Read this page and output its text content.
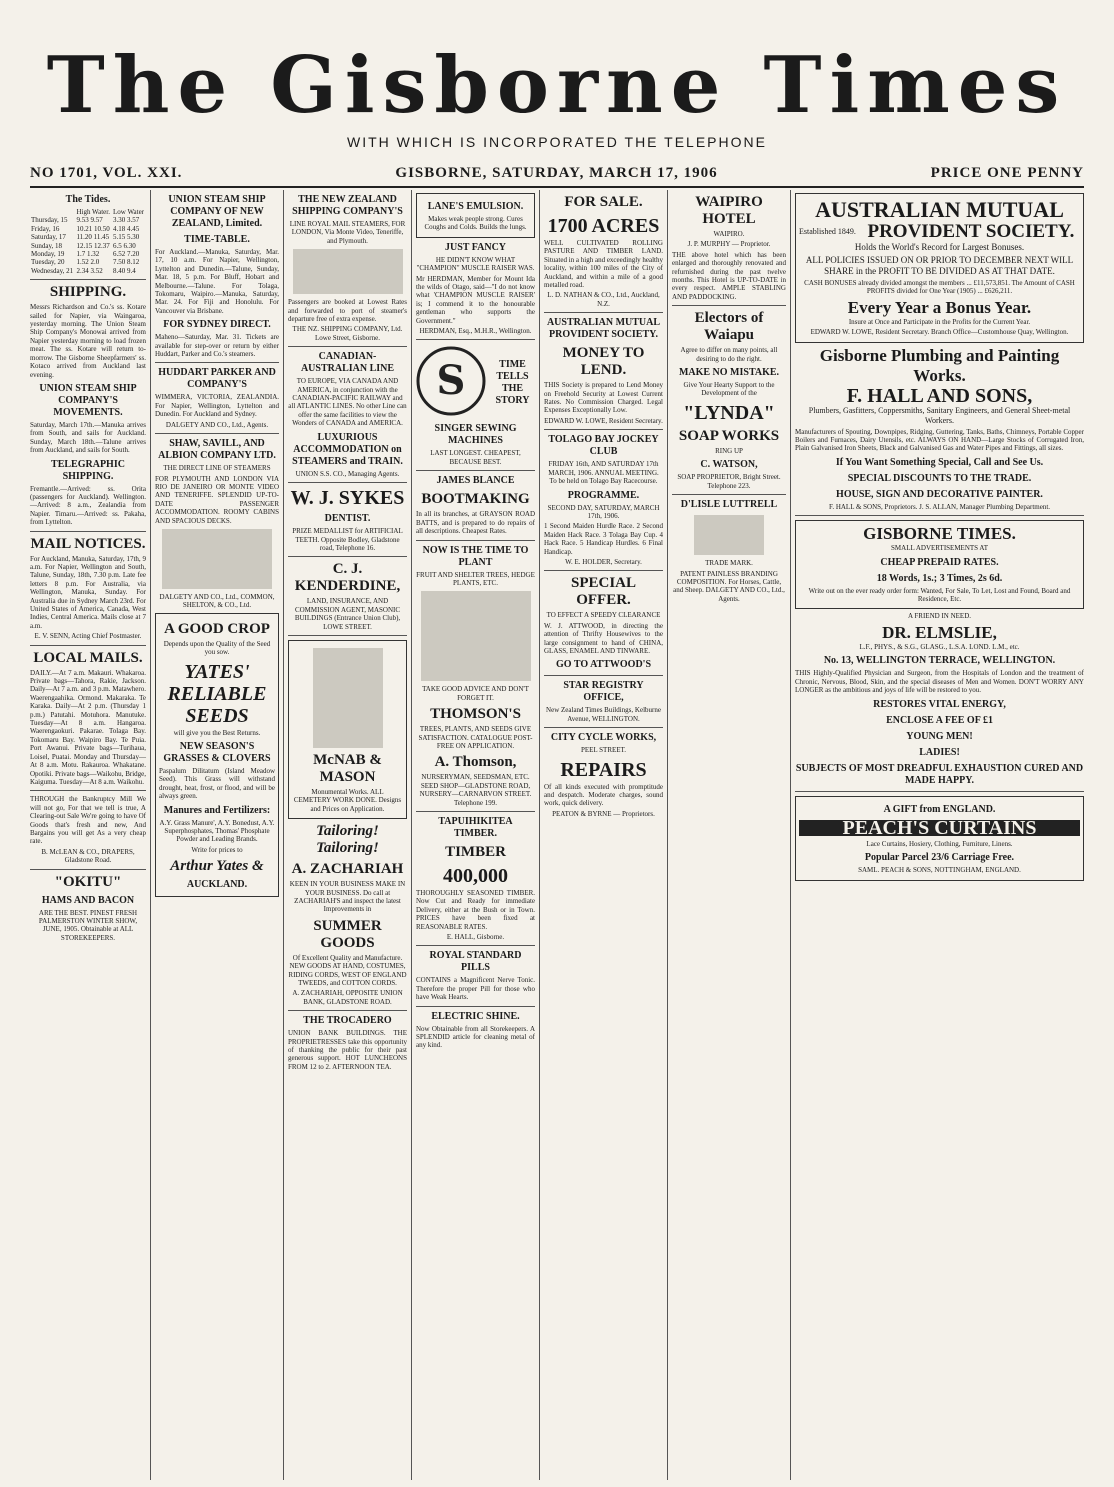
The Gisborne Times
WITH WHICH IS INCORPORATED THE TELEPHONE
NO 1701, VOL. XXI.	GISBORNE, SATURDAY, MARCH 17, 1906	PRICE ONE PENNY
The Tides.
	High Water.	Low Water
Thursday, 15	9.53 9.57	3.30 3.57
Friday, 16	10.21 10.50	4.18 4.45
Saturday, 17	11.20 11.45	5.15 5.30
Sunday, 18	12.15 12.37	6.5 6.30
Monday, 19	1.7 1.32	6.52 7.20
Tuesday, 20	1.52 2.0	7.50 8.12
Wednesday, 21	2.34 3.52	8.40 9.4
SHIPPING.

Messrs Richardson and Co.'s ss. Kotare sailed for Napier, via Waingaroa, yesterday morning. The Union Steam Ship Company's Monowai arrived from Napier yesterday morning to load frozen meat. The ss. Kotare will return to-morrow. The Gisborne Sheepfarmers' ss. Kotaco arrived from Auckland last evening.

UNION STEAM SHIP COMPANY'S MOVEMENTS.

Saturday, March 17th.—Manuka arrives from South, and sails for Auckland. Sunday, March 18th.—Talune arrives from Auckland, and sails for South.

TELEGRAPHIC SHIPPING.

Fremantle.—Arrived: ss. Orita (passengers for Auckland). Wellington.—Arrived: 8 a.m., Zealandia from Napier. Timaru.—Arrived: ss. Pakaha, from Lyttelton.

MAIL NOTICES.

For Auckland, Manuka, Saturday, 17th, 9 a.m. For Napier, Wellington and South, Talune, Sunday, 18th, 7.30 p.m. Late fee letters 8 p.m. For Australia, via Wellington, Manuka, Sunday. For Australia due in Sydney March 23rd. For United States of America, Canada, West Indies, Central America. Mails close at 7 a.m.

E. V. SENN, Acting Chief Postmaster.

LOCAL MAILS.

DAILY.—At 7 a.m. Makauri. Whakaroa. Private bags—Tahora, Rakie, Jackson. Daily—At 7 a.m. and 3 p.m. Matawhero. Waerengaahika. Ormond. Makaraka. Te Karaka. Daily—At 2 p.m. (Thursday 1 p.m.) Patutahi. Motuhora. Manutuke. Tuesday—At 8 a.m. Hangaroa. Waerengaokuri. Pakarae. Tolaga Bay. Tokomaru Bay. Waipiro Bay. Te Puia. Port Awanui. Private bags—Turihaua, Loisel, Puatai. Monday and Thursday—At 8 a.m. Motu. Rakauroa. Whakatane. Opotiki. Private bags—Waikohu, Bridge, Kaiguma. Tuesday—At 8 a.m. Waikohu.

THROUGH the Bankruptcy Mill We will not go, For that we tell is true, A Clearing-out Sale We're going to have Of Goods that's fresh and new, And Bargains you will get As a very cheap rate.

B. McLEAN & CO., DRAPERS, Gladstone Road.

"OKITU"
HAMS AND BACON

ARE THE BEST. PINEST FRESH PALMERSTON WINTER SHOW, JUNE, 1905. Obtainable at ALL STOREKEEPERS.

UNION STEAM SHIP COMPANY OF NEW ZEALAND, Limited.
TIME-TABLE.

For Auckland.—Manuka, Saturday, Mar. 17, 10 a.m. For Napier, Wellington, Lyttelton and Dunedin.—Talune, Sunday, Mar. 18, 5 p.m. For Bluff, Hobart and Melbourne.—Talune. For Tolaga, Tokomaru, Waipiro.—Manuka, Saturday, Mar. 24. For Fiji and Honolulu. For Vancouver via Brisbane.

FOR SYDNEY DIRECT.

Maheno—Saturday, Mar. 31. Tickets are available for step-over or return by either Huddart, Parker and Co.'s steamers.

HUDDART PARKER AND COMPANY'S

WIMMERA, VICTORIA, ZEALANDIA. For Napier, Wellington, Lyttelton and Dunedin. For Auckland and Sydney.

DALGETY AND CO., Ltd., Agents.

SHAW, SAVILL, AND ALBION COMPANY LTD.
THE DIRECT LINE OF STEAMERS

FOR PLYMOUTH AND LONDON VIA RIO DE JANEIRO OR MONTE VIDEO AND TENERIFFE. SPLENDID UP-TO-DATE PASSENGER ACCOMMODATION. ROOMY CABINS AND SPACIOUS DECKS.

DALGETY AND CO., Ltd., COMMON, SHELTON, & CO., Ltd.

A GOOD CROP

Depends upon the Quality of the Seed you sow.

YATES' RELIABLE SEEDS

will give you the Best Returns.

NEW SEASON'S GRASSES & CLOVERS

Paspalum Dilitatum (Island Meadow Seed). This Grass will withstand drought, heat, frost, or flood, and will be always green.

Manures and Fertilizers:

A.Y. Grass Manure', A.Y. Bonedust, A.Y. Superphosphates, Thomas' Phosphate Powder and Leading Brands.

Write for prices to

Arthur Yates &
AUCKLAND.
THE NEW ZEALAND SHIPPING COMPANY'S

LINE ROYAL MAIL STEAMERS, FOR LONDON, Via Monte Video, Teneriffe, and Plymouth.

Passengers are booked at Lowest Rates and forwarded to port of steamer's departure free of extra expense.

THE NZ. SHIPPING COMPANY, Ltd. Lowe Street, Gisborne.

CANADIAN-AUSTRALIAN LINE

TO EUROPE, VIA CANADA AND AMERICA, in conjunction with the CANADIAN-PACIFIC RAILWAY and all ATLANTIC LINES. No other Line can offer the same facilities to view the Wonders of CANADA and AMERICA.

LUXURIOUS ACCOMMODATION on STEAMERS and TRAIN.

UNION S.S. CO., Managing Agents.

W. J. SYKES
DENTIST.

PRIZE MEDALLIST for ARTIFICIAL TEETH. Opposite Bodley, Gladstone road, Telephone 16.

C. J. KENDERDINE,

LAND, INSURANCE, AND COMMISSION AGENT, MASONIC BUILDINGS (Entrance Union Club), LOWE STREET.

McNAB & MASON

Monumental Works. ALL CEMETERY WORK DONE. Designs and Prices on Application.

Tailoring! Tailoring!
A. ZACHARIAH

KEEN IN YOUR BUSINESS MAKE IN YOUR BUSINESS. Do call at ZACHARIAH'S and inspect the latest Improvements in

SUMMER GOODS

Of Excellent Quality and Manufacture. NEW GOODS AT HAND, COSTUMES, RIDING CORDS, WEST OF ENGLAND TWEEDS, and COTTON CORDS.

A. ZACHARIAH, OPPOSITE UNION BANK, GLADSTONE ROAD.

THE TROCADERO

UNION BANK BUILDINGS. THE PROPRIETRESSES take this opportunity of thanking the public for their past generous support. HOT LUNCHEONS FROM 12 to 2. AFTERNOON TEA.

LANE'S EMULSION.

Makes weak people strong. Cures Coughs and Colds. Builds the lungs.

JUST FANCY
HE DIDN'T KNOW WHAT "CHAMPION" MUSCLE RAISER WAS.

Mr HERDMAN, Member for Mount Ida the wilds of Otago, said—"I do not know what 'CHAMPION MUSCLE RAISER' is; I commend it to the honourable gentleman who supports the Government."

HERDMAN, Esq., M.H.R., Wellington.

S	TIME TELLS THE STORY
SINGER SEWING MACHINES

LAST LONGEST. CHEAPEST, BECAUSE BEST.

JAMES BLANCE
BOOTMAKING

In all its branches, at GRAYSON ROAD BATTS, and is prepared to do repairs of all descriptions. Cheapest Rates.

NOW IS THE TIME TO PLANT

FRUIT AND SHELTER TREES, HEDGE PLANTS, ETC.

TAKE GOOD ADVICE AND DON'T FORGET IT.
THOMSON'S

TREES, PLANTS, AND SEEDS GIVE SATISFACTION. CATALOGUE POST-FREE ON APPLICATION.

A. Thomson,

NURSERYMAN, SEEDSMAN, ETC. SEED SHOP—GLADSTONE ROAD, NURSERY—CARNARVON STREET. Telephone 199.

TAPUIHIKITEA TIMBER.
TIMBER
400,000

THOROUGHLY SEASONED TIMBER. Now Cut and Ready for immediate Delivery, either at the Bush or in Town. PRICES have been fixed at REASONABLE RATES.

E. HALL, Gisborne.

ROYAL STANDARD PILLS

CONTAINS a Magnificent Nerve Tonic. Therefore the proper Pill for those who have Weak Hearts.

ELECTRIC SHINE.

Now Obtainable from all Storekeepers. A SPLENDID article for cleaning metal of any kind.

FOR SALE.
1700 ACRES

WELL CULTIVATED ROLLING PASTURE AND TIMBER LAND. Situated in a high and exceedingly healthy locality, within 100 miles of the City of Auckland, and within a mile of a good metalled road.

L. D. NATHAN & CO., Ltd., Auckland, N.Z.

AUSTRALIAN MUTUAL PROVIDENT SOCIETY.
MONEY TO LEND.

THIS Society is prepared to Lend Money on Freehold Security at Lowest Current Rates. No Commission Charged. Legal Expenses Exceptionally Low.

EDWARD W. LOWE, Resident Secretary.

TOLAGO BAY JOCKEY CLUB

FRIDAY 16th, AND SATURDAY 17th MARCH, 1906. ANNUAL MEETING. To be held on Tolago Bay Racecourse.

PROGRAMME.
SECOND DAY, SATURDAY, MARCH 17th, 1906.

1 Second Maiden Hurdle Race. 2 Second Maiden Hack Race. 3 Tolaga Bay Cup. 4 Hack Race. 5 Handicap Hurdles. 6 Final Handicap.

W. E. HOLDER, Secretary.

SPECIAL OFFER.
TO EFFECT A SPEEDY CLEARANCE

W. J. ATTWOOD, in directing the attention of Thrifty Housewives to the large consignment to hand of CHINA, GLASS, ENAMEL AND TINWARE.

GO TO ATTWOOD'S
STAR REGISTRY OFFICE,

New Zealand Times Buildings, Kelburne Avenue, WELLINGTON.

CITY CYCLE WORKS,
PEEL STREET.
REPAIRS

Of all kinds executed with promptitude and despatch. Moderate charges, sound work, quick delivery.

PEATON & BYRNE — Proprietors.

WAIPIRO HOTEL
WAIPIRO.
J. P. MURPHY — Proprietor.

THE above hotel which has been enlarged and thoroughly renovated and refurnished during the past twelve months. This Hotel is UP-TO-DATE in every respect. AMPLE STABLING AND PADDOCKING.

Electors of Waiapu

Agree to differ on many points, all desiring to do the right.

MAKE NO MISTAKE.

Give Your Hearty Support to the Development of the

"LYNDA"
SOAP WORKS
RING UP
C. WATSON,

SOAP PROPRIETOR, Bright Street. Telephone 223.

D'LISLE LUTTRELL
TRADE MARK.

PATENT PAINLESS BRANDING COMPOSITION. For Horses, Cattle, and Sheep. DALGETY AND CO., Ltd., Agents.

AUSTRALIAN MUTUAL
Established 1849. PROVIDENT SOCIETY.

Holds the World's Record for Largest Bonuses.

ALL POLICIES ISSUED ON OR PRIOR TO DECEMBER NEXT WILL SHARE in the PROFIT TO BE DIVIDED AS AT THAT DATE.

CASH BONUSES already divided amongst the members ... £11,573,851. The Amount of CASH PROFITS divided for One Year (1905) ... £626,211.

Every Year a Bonus Year.

Insure at Once and Participate in the Profits for the Current Year.

EDWARD W. LOWE, Resident Secretary. Branch Office—Customhouse Quay, Wellington.

Gisborne Plumbing and Painting Works.
F. HALL AND SONS,

Plumbers, Gasfitters, Coppersmiths, Sanitary Engineers, and General Sheet-metal Workers.

Manufacturers of Spouting, Downpipes, Ridging, Guttering, Tanks, Baths, Chimneys, Portable Copper Boilers and Furnaces, Dairy Utensils, etc. ALWAYS ON HAND—Large Stocks of Corrugated Iron, Plain Galvanised Iron Sheets, Black and Galvanised Gas and Water Pipes and Fittings, all sizes.

If You Want Something Special, Call and See Us.
SPECIAL DISCOUNTS TO THE TRADE.
HOUSE, SIGN AND DECORATIVE PAINTER.

F. HALL & SONS, Proprietors. J. S. ALLAN, Manager Plumbing Department.

GISBORNE TIMES.
SMALL ADVERTISEMENTS AT
CHEAP PREPAID RATES.
18 Words, 1s.; 3 Times, 2s 6d.

Write out on the ever ready order form: Wanted, For Sale, To Let, Lost and Found, Board and Residence, Etc.

A FRIEND IN NEED.
DR. ELMSLIE,
L.F., PHYS., & S.G., GLASG., L.S.A. LOND. L.M., etc.
No. 13, WELLINGTON TERRACE, WELLINGTON.

THIS Highly-Qualified Physician and Surgeon, from the Hospitals of London and the treatment of Chronic, Nervous, Blood, Skin, and the special diseases of Men and Women. DON'T WORRY ANY LONGER as the ambitious and joys of life will be restored to you.

RESTORES VITAL ENERGY,
ENCLOSE A FEE OF £1
YOUNG MEN!
LADIES!
SUBJECTS OF MOST DREADFUL EXHAUSTION CURED AND MADE HAPPY.
A GIFT from ENGLAND.
PEACH'S CURTAINS
Lace Curtains, Hosiery, Clothing, Furniture, Linens.
Popular Parcel 23/6 Carriage Free.
SAML. PEACH & SONS, NOTTINGHAM, ENGLAND.
